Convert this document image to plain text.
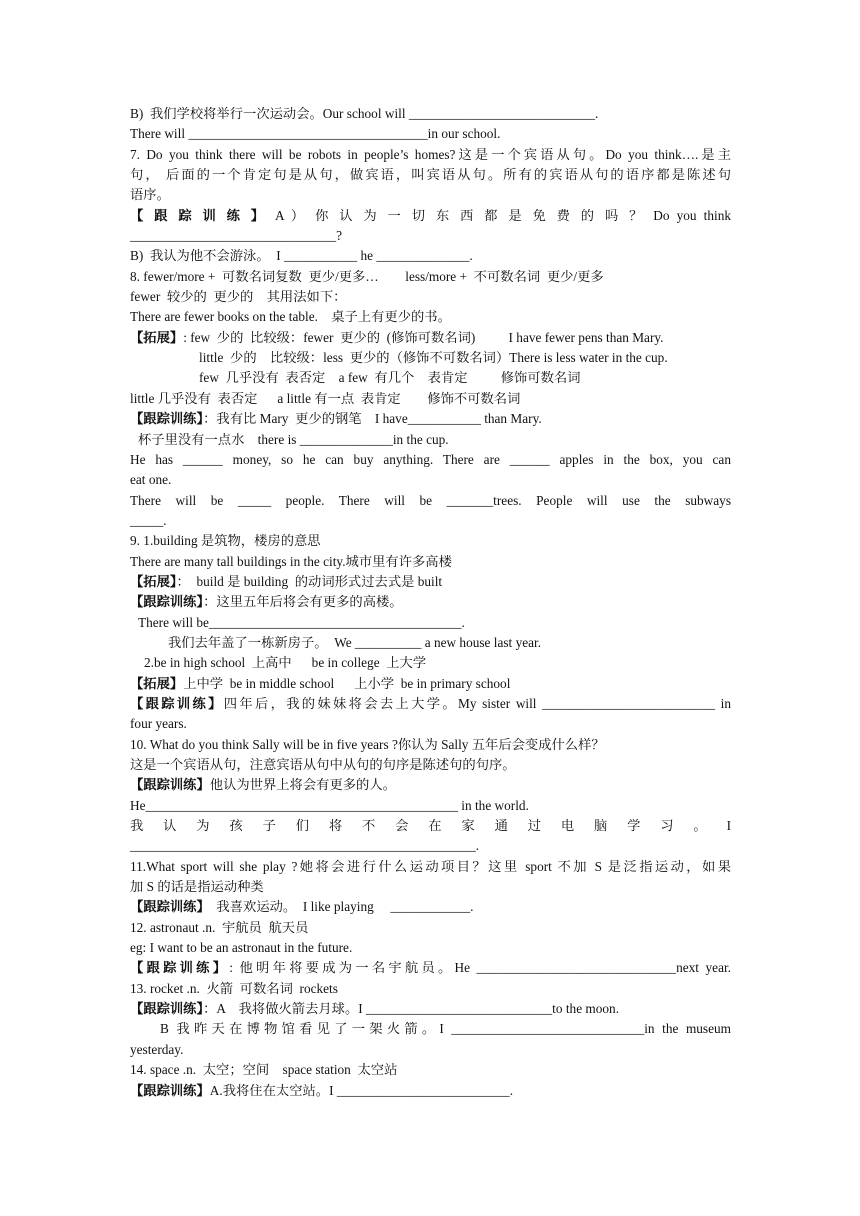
B)  我们学校将举行一次运动会。Our school will ____________________________.
There will ____________________________________in our school.
7. Do you think there will be robots in people’s homes?这是一个宾语从句。Do you think….是主
句， 后面的一个肯定句是从句，做宾语，叫宾语从句。所有的宾语从句的语序都是陈述句
语序。
【 跟 踪 训 练 】 A ） 你 认 为 一 切 东 西 都 是 免 费 的 吗 ？ Do you think
_______________________________?
B)  我认为他不会游泳。  I ___________ he ______________.
8. fewer/more +  可数名词复数  更少/更多…        less/more +  不可数名词  更少/更多
fewer  较少的  更少的    其用法如下：
There are fewer books on the table.    桌子上有更少的书。
【拓展】: few  少的  比较级：fewer  更少的  (修饰可数名词)          I have fewer pens than Mary.
little  少的    比较级：less  更少的（修饰不可数名词）There is less water in the cup.
few  几乎没有  表否定    a few  有几个    表肯定          修饰可数名词
little 几乎没有  表否定      a little 有一点  表肯定        修饰不可数名词
【跟踪训练】：我有比 Mary  更少的钢笔    I have___________ than Mary.
杯子里没有一点水    there is ______________in the cup.
He has ______ money, so he can buy anything. There are ______ apples in the box, you can
eat one.
There will be _____ people. There will be _______trees. People will use the subways
_____.
9. 1.building 是筑物，楼房的意思
There are many tall buildings in the city.城市里有许多高楼
【拓展】：  build 是 building  的动词形式过去式是 built
【跟踪训练】：这里五年后将会有更多的高楼。
There will be______________________________________.
我们去年盖了一栋新房子。  We __________ a new house last year.
2.be in high school  上高中      be in college  上大学
【拓展】上中学  be in middle school      上小学  be in primary school
【跟踪训练】四年后，我的妹妹将会去上大学。My sister will __________________________ in
four years.
10. What do you think Sally will be in five years ?你认为 Sally 五年后会变成什么样？
这是一个宾语从句，注意宾语从句中从句的句序是陈述句的句序。
【跟踪训练】他认为世界上将会有更多的人。
He_______________________________________________ in the world.
我 认 为 孩 子 们 将 不 会 在 家 通 过 电 脑 学 习 。 I
____________________________________________________.
11.What sport will she play ?她将会进行什么运动项目？这里 sport 不加 S 是泛指运动，如果
加 S 的话是指运动种类
【跟踪训练】  我喜欢运动。  I like playing     ____________.
12. astronaut .n.  宇航员  航天员
eg: I want to be an astronaut in the future.
【跟踪训练】: 他明年将要成为一名宇航员。He ______________________________next year.
13. rocket .n.  火箭  可数名词  rockets
【跟踪训练】：A    我将做火箭去月球。I ____________________________to the moon.
B 我昨天在博物馆看见了一架火箭。I _____________________________in the museum
yesterday.
14. space .n.  太空；空间    space station  太空站
【跟踪训练】A.我将住在太空站。I __________________________.
